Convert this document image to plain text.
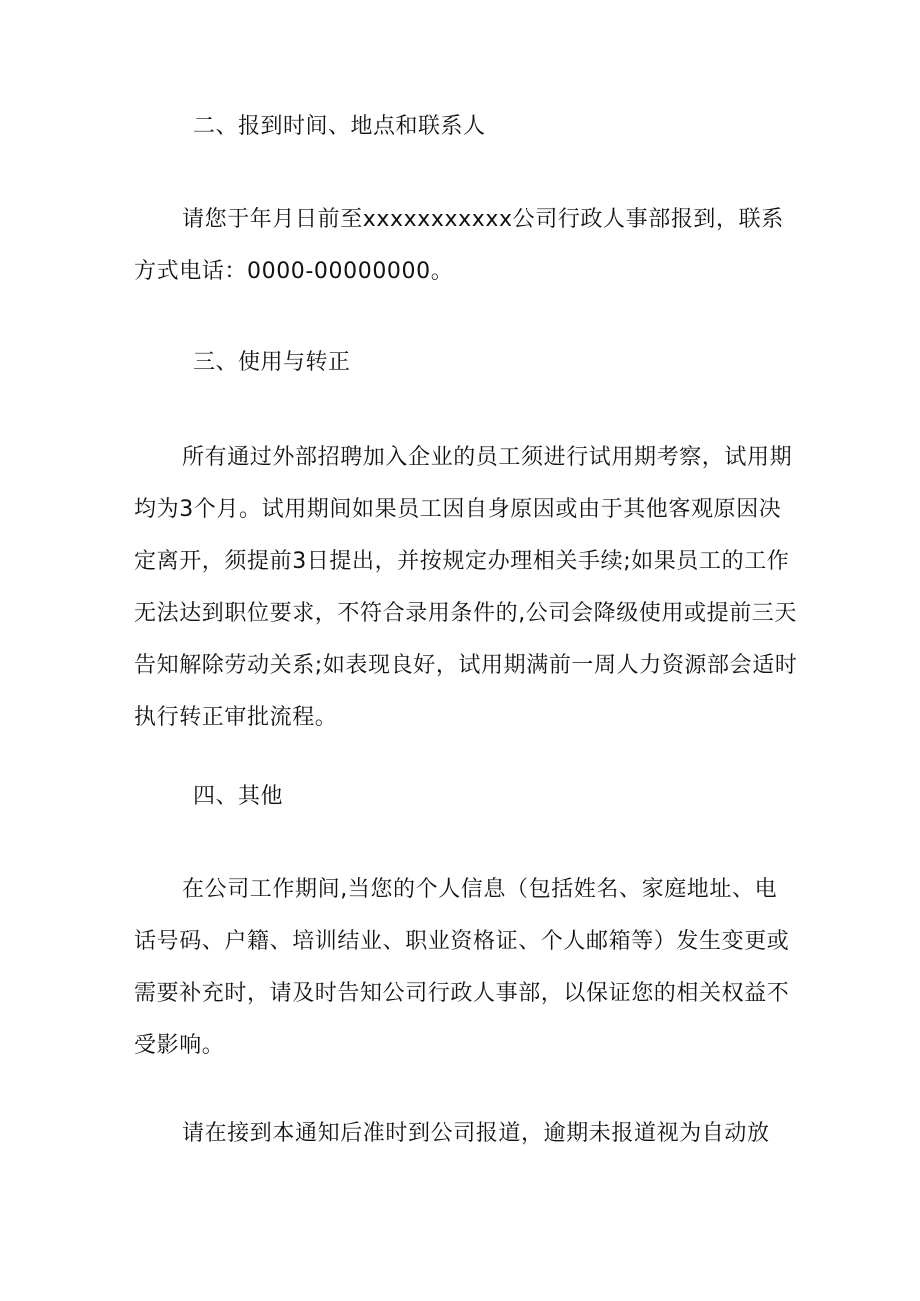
二、报到时间、地点和联系人
请您于年月日前至xxxxxxxxxxx公司行政人事部报到，联系方式电话：0000-00000000。
三、使用与转正
所有通过外部招聘加入企业的员工须进行试用期考察，试用期均为3个月。试用期间如果员工因自身原因或由于其他客观原因决定离开，须提前3日提出，并按规定办理相关手续;如果员工的工作无法达到职位要求，不符合录用条件的,公司会降级使用或提前三天告知解除劳动关系;如表现良好，试用期满前一周人力资源部会适时执行转正审批流程。
四、其他
在公司工作期间,当您的个人信息（包括姓名、家庭地址、电话号码、户籍、培训结业、职业资格证、个人邮箱等）发生变更或需要补充时，请及时告知公司行政人事部，以保证您的相关权益不受影响。
请在接到本通知后准时到公司报道，逾期未报道视为自动放
